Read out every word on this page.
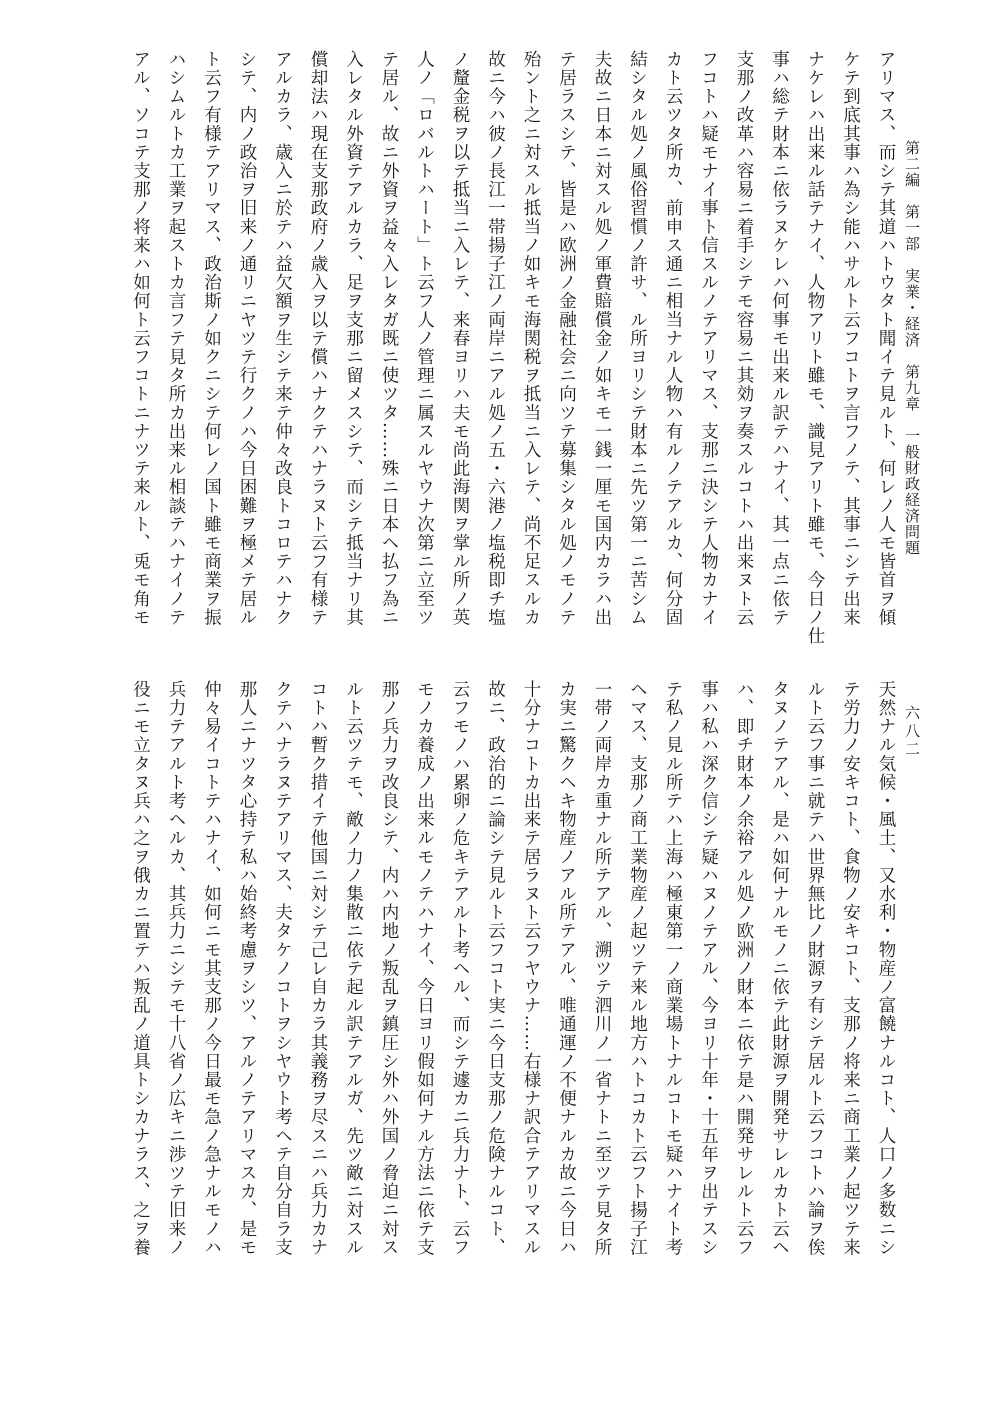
第二編　第一部　実業・経済　第九章　一般財政経済問題
六八二
アリマス、而シテ其道ハトウタト聞イテ見ルト、何レノ人モ皆首ヲ傾
ケテ到底其事ハ為シ能ハサルト云フコトヲ言フノテ、其事ニシテ出来
ナケレハ出来ル話テナイ、人物アリト雖モ、識見アリト雖モ、今日ノ仕
事ハ総テ財本ニ依ラヌケレハ何事モ出来ル訳テハナイ、其一点ニ依テ
支那ノ改革ハ容易ニ着手シテモ容易ニ其効ヲ奏スルコトハ出来ヌト云
フコトハ疑モナイ事ト信スルノテアリマス、支那ニ決シテ人物カナイ
カト云ツタ所カ、前申ス通ニ相当ナル人物ハ有ルノテアルカ、何分固
結シタル処ノ風俗習慣ノ許サ、ル所ヨリシテ財本ニ先ツ第一ニ苦シム
夫故ニ日本ニ対スル処ノ軍費賠償金ノ如キモ一銭一厘モ国内カラハ出
テ居ラスシテ、皆是ハ欧洲ノ金融社会ニ向ツテ募集シタル処ノモノテ
殆ント之ニ対スル抵当ノ如キモ海関税ヲ抵当ニ入レテ、尚不足スルカ
故ニ今ハ彼ノ長江一帯揚子江ノ両岸ニアル処ノ五・六港ノ塩税即チ塩
ノ釐金税ヲ以テ抵当ニ入レテ、来春ヨリハ夫モ尚此海関ヲ掌ル所ノ英
人ノ「ロバルトハート」ト云フ人ノ管理ニ属スルヤウナ次第ニ立至ツ
テ居ル、故ニ外資ヲ益々入レタガ既ニ使ツタ……殊ニ日本ヘ払フ為ニ
入レタル外資テアルカラ、足ヲ支那ニ留メスシテ、而シテ抵当ナリ其
償却法ハ現在支那政府ノ歳入ヲ以テ償ハナクテハナラヌト云フ有様テ
アルカラ、歳入ニ於テハ益欠額ヲ生シテ来テ仲々改良トコロテハナク
シテ、内ノ政治ヲ旧来ノ通リニヤツテ行クノハ今日困難ヲ極メテ居ル
ト云フ有様テアリマス、政治斯ノ如クニシテ何レノ国ト雖モ商業ヲ振
ハシムルトカ工業ヲ起ストカ言フテ見タ所カ出来ル相談テハナイノテ
アル、ソコテ支那ノ将来ハ如何ト云フコトニナツテ来ルト、兎モ角モ
天然ナル気候・風土、又水利・物産ノ富饒ナルコト、人口ノ多数ニシ
テ労力ノ安キコト、食物ノ安キコト、支那ノ将来ニ商工業ノ起ツテ来
ルト云フ事ニ就テハ世界無比ノ財源ヲ有シテ居ルト云フコトハ論ヲ俟
タヌノテアル、是ハ如何ナルモノニ依テ此財源ヲ開発サレルカト云ヘ
ハ、即チ財本ノ余裕アル処ノ欧洲ノ財本ニ依テ是ハ開発サレルト云フ
事ハ私ハ深ク信シテ疑ハヌノテアル、今ヨリ十年・十五年ヲ出テスシ
テ私ノ見ル所テハ上海ハ極東第一ノ商業場トナルコトモ疑ハナイト考
ヘマス、支那ノ商工業物産ノ起ツテ来ル地方ハトコカト云フト揚子江
一帯ノ両岸カ重ナル所テアル、溯ツテ泗川ノ一省ナトニ至ツテ見タ所
カ実ニ驚クヘキ物産ノアル所テアル、唯通運ノ不便ナルカ故ニ今日ハ
十分ナコトカ出来テ居ラヌト云フヤウナ……右様ナ訳合テアリマスル
故ニ、政治的ニ論シテ見ルト云フコト実ニ今日支那ノ危険ナルコト、
云フモノハ累卵ノ危キテアルト考ヘル、而シテ遽カニ兵力ナト、云フ
モノカ養成ノ出来ルモノテハナイ、今日ヨリ假如何ナル方法ニ依テ支
那ノ兵力ヲ改良シテ、内ハ内地ノ叛乱ヲ鎮圧シ外ハ外国ノ脅迫ニ対ス
ルト云ツテモ、敵ノ力ノ集散ニ依テ起ル訳テアルガ、先ツ敵ニ対スル
コトハ暫ク措イテ他国ニ対シテ己レ自カラ其義務ヲ尽スニハ兵力カナ
クテハナラヌテアリマス、夫タケノコトヲシヤウト考ヘテ自分自ラ支
那人ニナツタ心持テ私ハ始終考慮ヲシツ、アルノテアリマスカ、是モ
仲々易イコトテハナイ、如何ニモ其支那ノ今日最モ急ノ急ナルモノハ
兵力テアルト考ヘルカ、其兵力ニシテモ十八省ノ広キニ渉ツテ旧来ノ
役ニモ立タヌ兵ハ之ヲ俄カニ置テハ叛乱ノ道具トシカナラス、之ヲ養
